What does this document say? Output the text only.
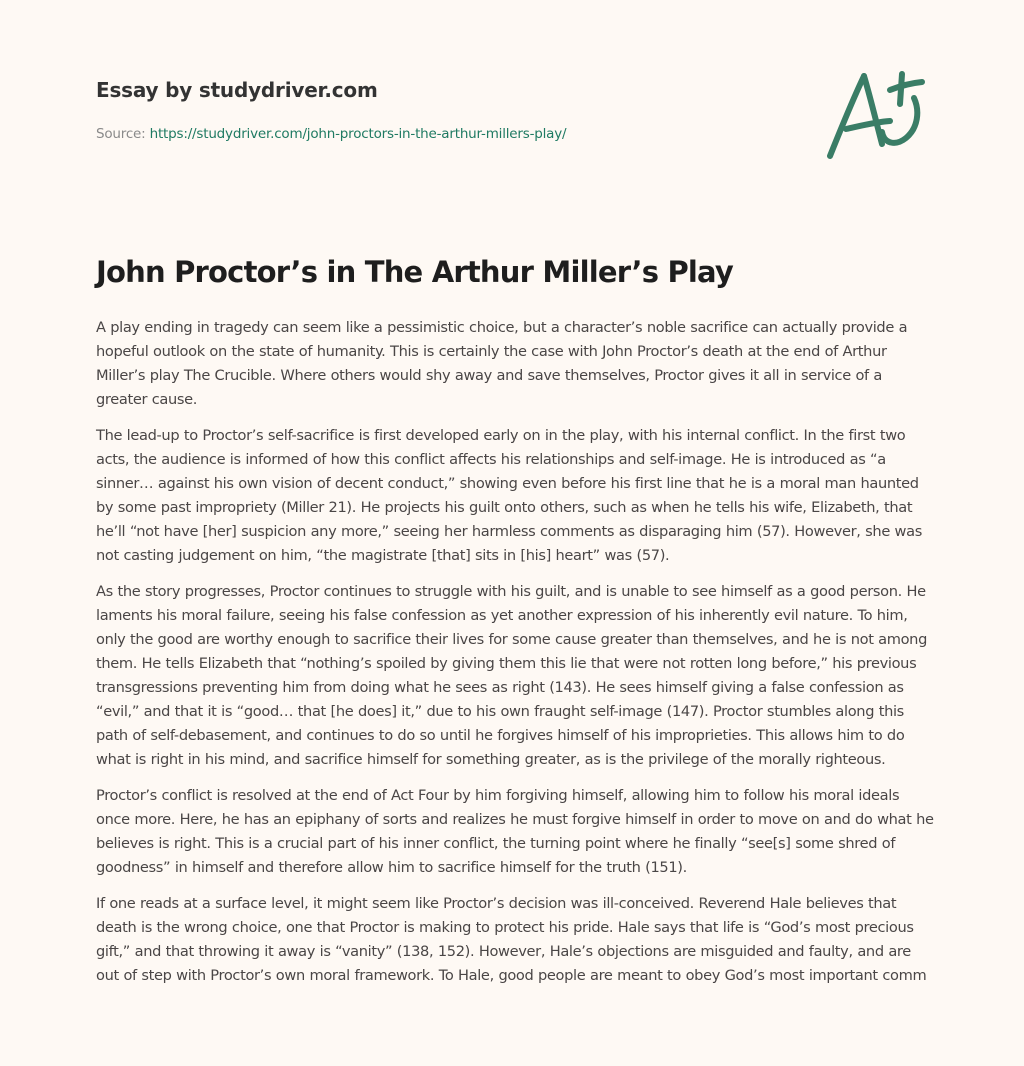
Essay by studydriver.com
Source: https://studydriver.com/john-proctors-in-the-arthur-millers-play/
John Proctor’s in The Arthur Miller’s Play

A play ending in tragedy can seem like a pessimistic choice, but a character’s noble sacrifice can actually provide a hopeful outlook on the state of humanity. This is certainly the case with John Proctor’s death at the end of Arthur Miller’s play The Crucible. Where others would shy away and save themselves, Proctor gives it all in service of a greater cause.

The lead-up to Proctor’s self-sacrifice is first developed early on in the play, with his internal conflict. In the first two acts, the audience is informed of how this conflict affects his relationships and self-image. He is introduced as “a sinner… against his own vision of decent conduct,” showing even before his first line that he is a moral man haunted by some past impropriety (Miller 21). He projects his guilt onto others, such as when he tells his wife, Elizabeth, that he’ll “not have [her] suspicion any more,” seeing her harmless comments as disparaging him (57). However, she was not casting judgement on him, “the magistrate [that] sits in [his] heart” was (57).

As the story progresses, Proctor continues to struggle with his guilt, and is unable to see himself as a good person. He laments his moral failure, seeing his false confession as yet another expression of his inherently evil nature. To him, only the good are worthy enough to sacrifice their lives for some cause greater than themselves, and he is not among them. He tells Elizabeth that “nothing’s spoiled by giving them this lie that were not rotten long before,” his previous transgressions preventing him from doing what he sees as right (143). He sees himself giving a false confession as “evil,” and that it is “good… that [he does] it,” due to his own fraught self-image (147). Proctor stumbles along this path of self-debasement, and continues to do so until he forgives himself of his improprieties. This allows him to do what is right in his mind, and sacrifice himself for something greater, as is the privilege of the morally righteous.

Proctor’s conflict is resolved at the end of Act Four by him forgiving himself, allowing him to follow his moral ideals once more. Here, he has an epiphany of sorts and realizes he must forgive himself in order to move on and do what he believes is right. This is a crucial part of his inner conflict, the turning point where he finally “see[s] some shred of goodness” in himself and therefore allow him to sacrifice himself for the truth (151).

If one reads at a surface level, it might seem like Proctor’s decision was ill-conceived. Reverend Hale believes that death is the wrong choice, one that Proctor is making to protect his pride. Hale says that life is “God’s most precious gift,” and that throwing it away is “vanity” (138, 152). However, Hale’s objections are misguided and faulty, and are out of step with Proctor’s own moral framework. To Hale, good people are meant to obey God’s most important comm
